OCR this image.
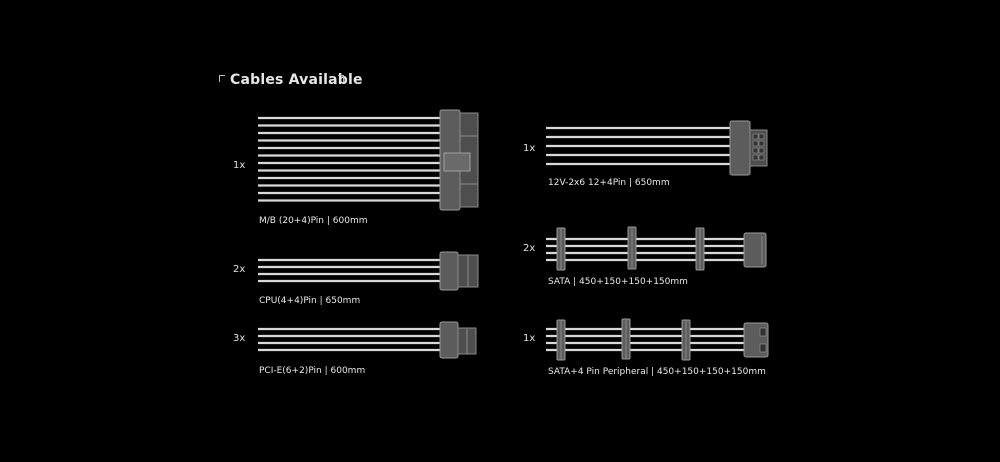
Cables Available
1x
M/B (20+4)Pin | 600mm
2x
CPU(4+4)Pin | 650mm
3x
PCI-E(6+2)Pin | 600mm
1x
12V-2x6 12+4Pin | 650mm
2x
SATA | 450+150+150+150mm
1x
SATA+4 Pin Peripheral | 450+150+150+150mm
